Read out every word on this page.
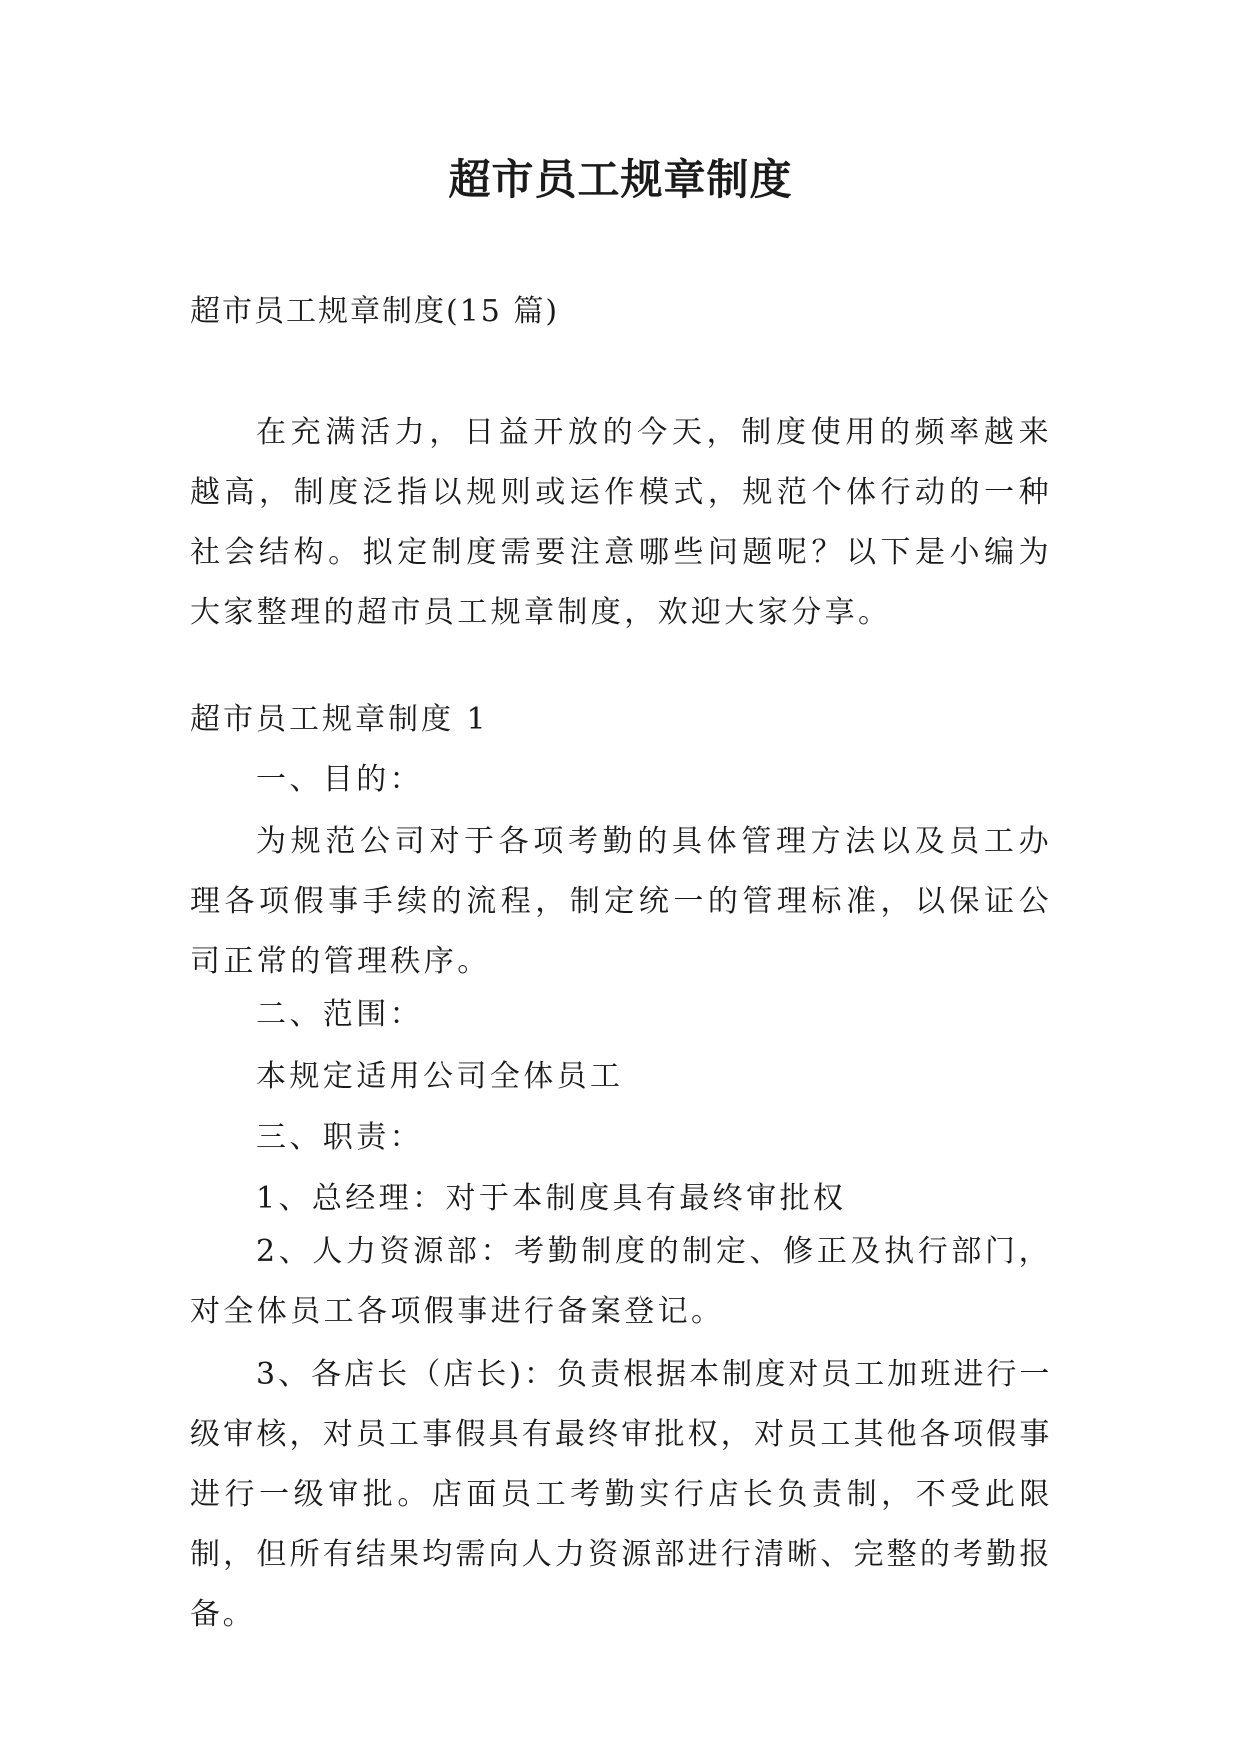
超市员工规章制度
超市员工规章制度(15 篇)
在充满活力，日益开放的今天，制度使用的频率越来越高，制度泛指以规则或运作模式，规范个体行动的一种社会结构。拟定制度需要注意哪些问题呢？以下是小编为大家整理的超市员工规章制度，欢迎大家分享。
超市员工规章制度 1
一、目的：
为规范公司对于各项考勤的具体管理方法以及员工办理各项假事手续的流程，制定统一的管理标准，以保证公司正常的管理秩序。
二、范围：
本规定适用公司全体员工
三、职责：
1、总经理：对于本制度具有最终审批权
2、人力资源部：考勤制度的制定、修正及执行部门，对全体员工各项假事进行备案登记。
3、各店长（店长)：负责根据本制度对员工加班进行一级审核，对员工事假具有最终审批权，对员工其他各项假事进行一级审批。店面员工考勤实行店长负责制，不受此限制，但所有结果均需向人力资源部进行清晰、完整的考勤报备。
